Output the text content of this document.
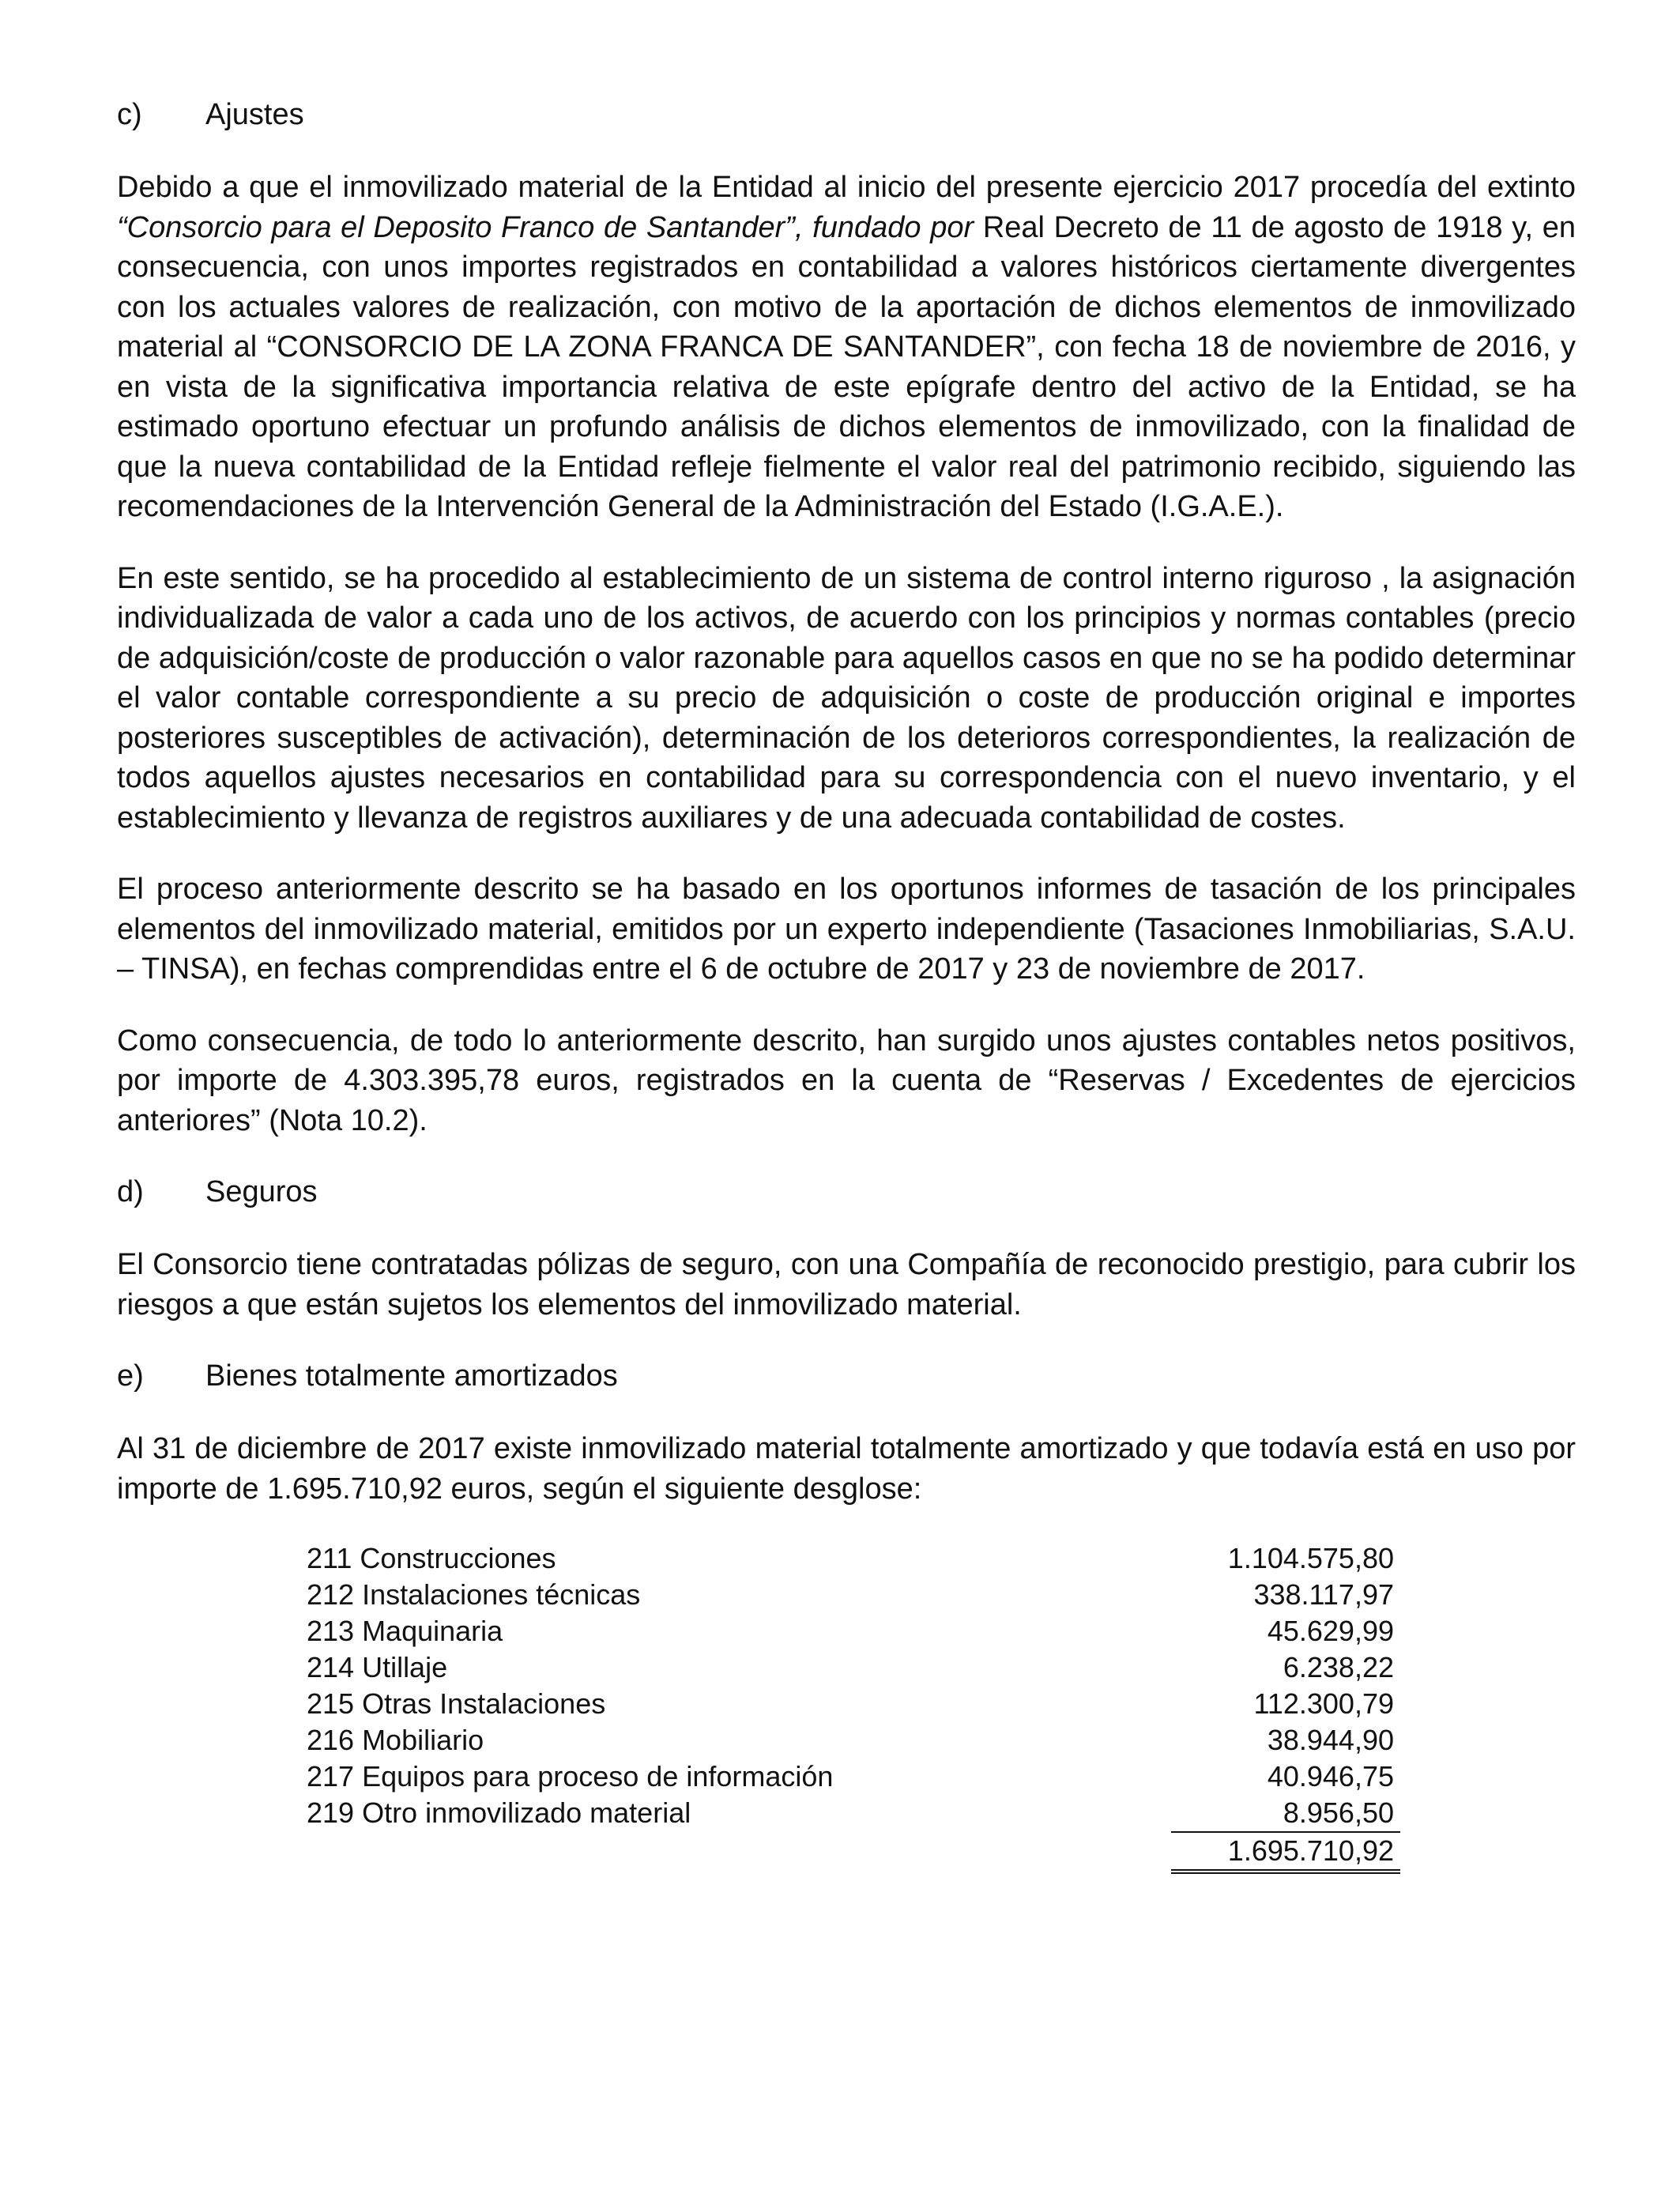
c)	Ajustes

Debido a que el inmovilizado material de la Entidad al inicio del presente ejercicio 2017 procedía del extinto “Consorcio para el Deposito Franco de Santander”, fundado por Real Decreto de 11 de agosto de 1918 y, en consecuencia, con unos importes registrados en contabilidad a valores históricos ciertamente divergentes con los actuales valores de realización, con motivo de la aportación de dichos elementos de inmovilizado material al “CONSORCIO DE LA ZONA FRANCA DE SANTANDER”, con fecha 18 de noviembre de 2016, y en vista de la significativa importancia relativa de este epígrafe dentro del activo de la Entidad, se ha estimado oportuno efectuar un profundo análisis de dichos elementos de inmovilizado, con la finalidad de que la nueva contabilidad de la Entidad refleje fielmente el valor real del patrimonio recibido, siguiendo las recomendaciones de la Intervención General de la Administración del Estado (I.G.A.E.).

En este sentido, se ha procedido al establecimiento de un sistema de control interno riguroso , la asignación individualizada de valor a cada uno de los activos, de acuerdo con los principios y normas contables (precio de adquisición/coste de producción o valor razonable para aquellos casos en que no se ha podido determinar el valor contable correspondiente a su precio de adquisición o coste de producción original e importes posteriores susceptibles de activación), determinación de los deterioros correspondientes, la realización de todos aquellos ajustes necesarios en contabilidad para su correspondencia con el nuevo inventario, y el establecimiento y llevanza de registros auxiliares y de una adecuada contabilidad de costes.

El proceso anteriormente descrito se ha basado en los oportunos informes de tasación de los principales elementos del inmovilizado material, emitidos por un experto independiente (Tasaciones Inmobiliarias, S.A.U. – TINSA), en fechas comprendidas entre el 6 de octubre de 2017 y 23 de noviembre de 2017.

Como consecuencia, de todo lo anteriormente descrito, han surgido unos ajustes contables netos positivos, por importe de 4.303.395,78 euros, registrados en la cuenta de “Reservas / Excedentes de ejercicios anteriores” (Nota 10.2).

d)	Seguros

El Consorcio tiene contratadas pólizas de seguro, con una Compañía de reconocido prestigio, para cubrir los riesgos a que están sujetos los elementos del inmovilizado material.

e)	Bienes totalmente amortizados

Al 31 de diciembre de 2017 existe inmovilizado material totalmente amortizado y que todavía está en uso por importe de 1.695.710,92 euros, según el siguiente desglose:

211 Construcciones	1.104.575,80
212 Instalaciones técnicas	338.117,97
213 Maquinaria	45.629,99
214 Utillaje	6.238,22
215 Otras Instalaciones	112.300,79
216 Mobiliario	38.944,90
217 Equipos para proceso de información	40.946,75
219 Otro inmovilizado material	8.956,50
1.695.710,92
